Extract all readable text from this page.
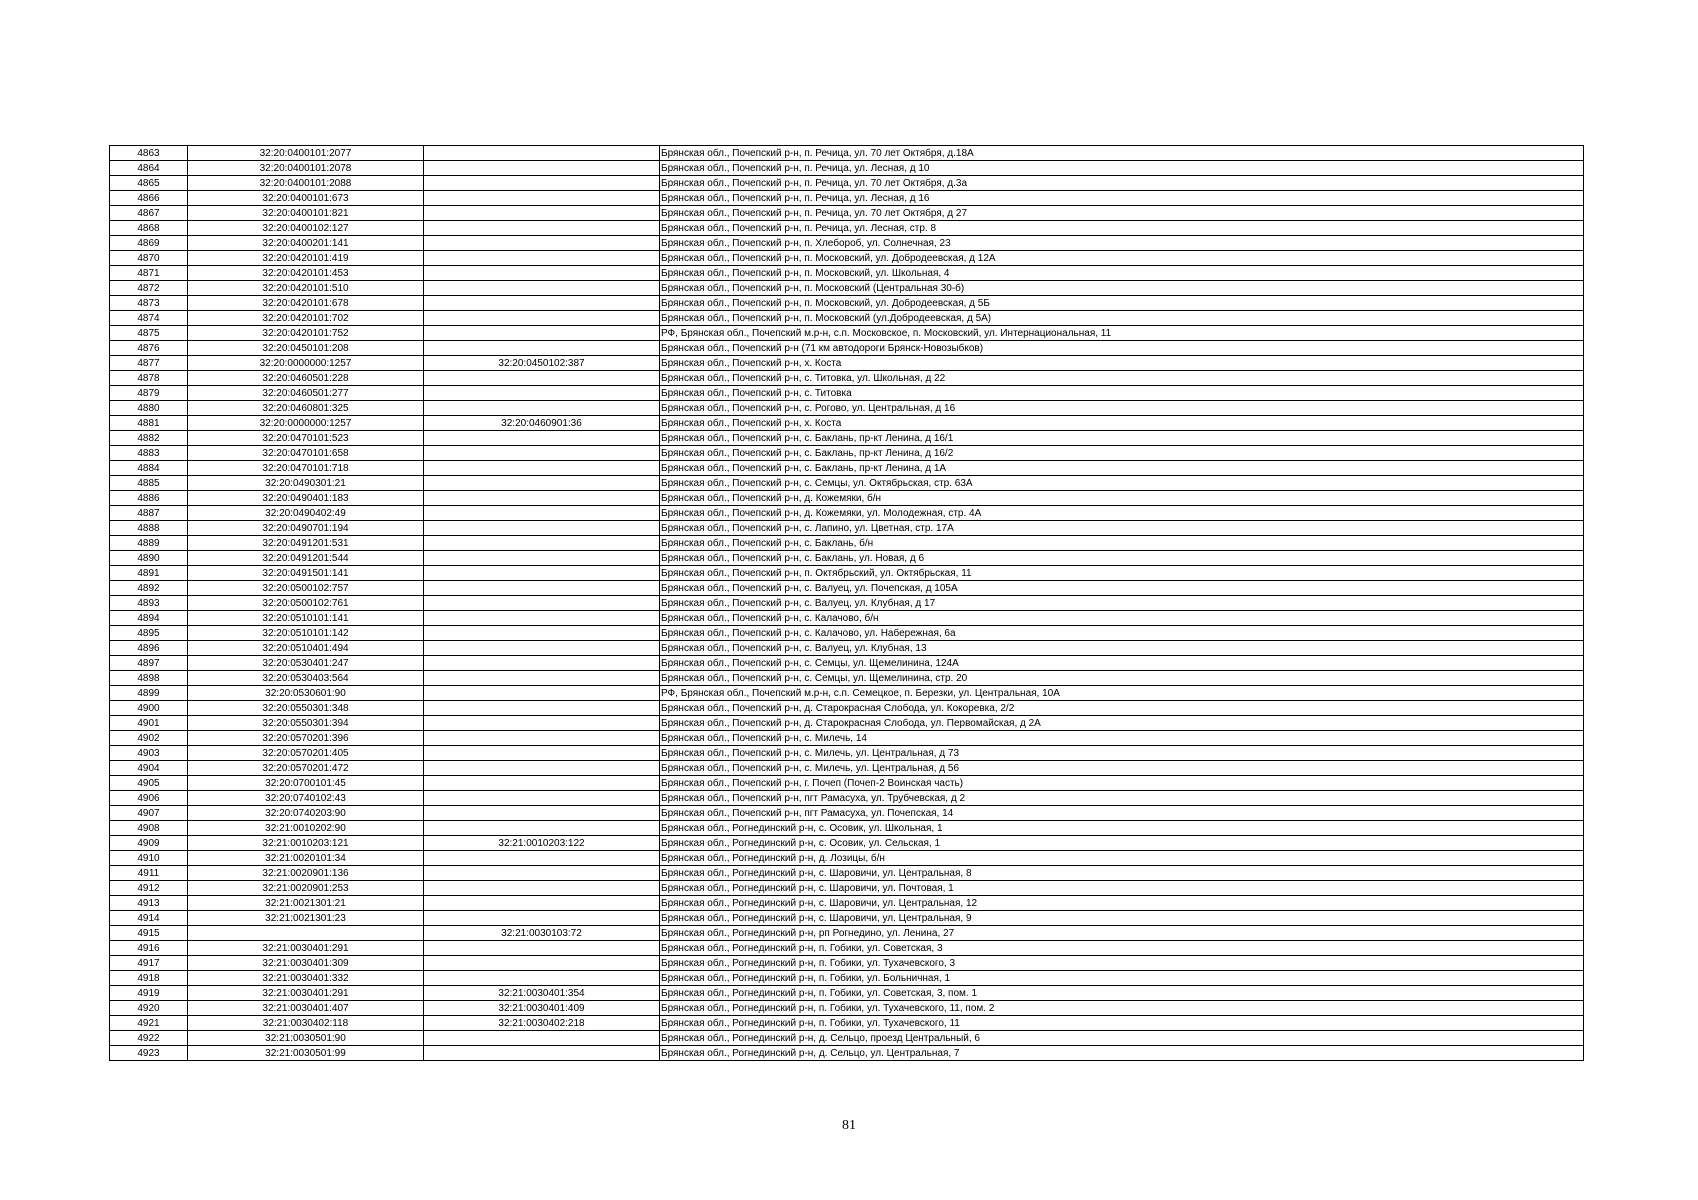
4863	32:20:0400101:2077		Брянская обл., Почепский р-н, п. Речица, ул. 70 лет Октября, д.18А
4864	32:20:0400101:2078		Брянская обл., Почепский р-н, п. Речица, ул. Лесная, д 10
4865	32:20:0400101:2088		Брянская обл., Почепский р-н, п. Речица, ул. 70 лет Октября, д.3а
4866	32:20:0400101:673		Брянская обл., Почепский р-н, п. Речица, ул. Лесная, д 16
4867	32:20:0400101:821		Брянская обл., Почепский р-н, п. Речица, ул. 70 лет Октября, д 27
4868	32:20:0400102:127		Брянская обл., Почепский р-н, п. Речица, ул. Лесная, стр. 8
4869	32:20:0400201:141		Брянская обл., Почепский р-н, п. Хлебороб, ул. Солнечная, 23
4870	32:20:0420101:419		Брянская обл., Почепский р-н, п. Московский, ул. Добродеевская, д 12А
4871	32:20:0420101:453		Брянская обл., Почепский р-н, п. Московский, ул. Школьная, 4
4872	32:20:0420101:510		Брянская обл., Почепский р-н, п. Московский (Центральная 30-б)
4873	32:20:0420101:678		Брянская обл., Почепский р-н, п. Московский, ул. Добродеевская, д 5Б
4874	32:20:0420101:702		Брянская обл., Почепский р-н, п. Московский (ул.Добродеевская, д 5А)
4875	32:20:0420101:752		РФ, Брянская обл., Почепский м.р-н, с.п. Московское, п. Московский, ул. Интернациональная, 11
4876	32:20:0450101:208		Брянская обл., Почепский р-н (71 км автодороги Брянск-Новозыбков)
4877	32:20:0000000:1257	32:20:0450102:387	Брянская обл., Почепский р-н, х. Коста
4878	32:20:0460501:228		Брянская обл., Почепский р-н, с. Титовка, ул. Школьная, д 22
4879	32:20:0460501:277		Брянская обл., Почепский р-н, с. Титовка
4880	32:20:0460801:325		Брянская обл., Почепский р-н, с. Рогово, ул. Центральная, д 16
4881	32:20:0000000:1257	32:20:0460901:36	Брянская обл., Почепский р-н, х. Коста
4882	32:20:0470101:523		Брянская обл., Почепский р-н, с. Баклань, пр-кт Ленина, д 16/1
4883	32:20:0470101:658		Брянская обл., Почепский р-н, с. Баклань, пр-кт Ленина, д 16/2
4884	32:20:0470101:718		Брянская обл., Почепский р-н, с. Баклань, пр-кт Ленина, д 1А
4885	32:20:0490301:21		Брянская обл., Почепский р-н, с. Семцы, ул. Октябрьская, стр. 63А
4886	32:20:0490401:183		Брянская обл., Почепский р-н, д. Кожемяки, б/н
4887	32:20:0490402:49		Брянская обл., Почепский р-н, д. Кожемяки, ул. Молодежная, стр. 4А
4888	32:20:0490701:194		Брянская обл., Почепский р-н, с. Лапино, ул. Цветная, стр. 17А
4889	32:20:0491201:531		Брянская обл., Почепский р-н, с. Баклань, б/н
4890	32:20:0491201:544		Брянская обл., Почепский р-н, с. Баклань, ул. Новая, д 6
4891	32:20:0491501:141		Брянская обл., Почепский р-н, п. Октябрьский, ул. Октябрьская, 11
4892	32:20:0500102:757		Брянская обл., Почепский р-н, с. Валуец, ул. Почепская, д 105А
4893	32:20:0500102:761		Брянская обл., Почепский р-н, с. Валуец, ул. Клубная, д 17
4894	32:20:0510101:141		Брянская обл., Почепский р-н, с. Калачово, б/н
4895	32:20:0510101:142		Брянская обл., Почепский р-н, с. Калачово, ул. Набережная, 6а
4896	32:20:0510401:494		Брянская обл., Почепский р-н, с. Валуец, ул. Клубная, 13
4897	32:20:0530401:247		Брянская обл., Почепский р-н, с. Семцы, ул. Щемелинина, 124А
4898	32:20:0530403:564		Брянская обл., Почепский р-н, с. Семцы, ул. Щемелинина, стр. 20
4899	32:20:0530601:90		РФ, Брянская обл., Почепский м.р-н, с.п. Семецкое, п. Березки, ул. Центральная, 10А
4900	32:20:0550301:348		Брянская обл., Почепский р-н, д. Старокрасная Слобода, ул. Кокоревка, 2/2
4901	32:20:0550301:394		Брянская обл., Почепский р-н, д. Старокрасная Слобода, ул. Первомайская, д 2А
4902	32:20:0570201:396		Брянская обл., Почепский р-н, с. Милечь, 14
4903	32:20:0570201:405		Брянская обл., Почепский р-н, с. Милечь, ул. Центральная, д 73
4904	32:20:0570201:472		Брянская обл., Почепский р-н, с. Милечь, ул. Центральная, д 56
4905	32:20:0700101:45		Брянская обл., Почепский р-н, г. Почеп (Почеп-2 Воинская часть)
4906	32:20:0740102:43		Брянская обл., Почепский р-н, пгт Рамасуха, ул. Трубчевская, д 2
4907	32:20:0740203:90		Брянская обл., Почепский р-н, пгт Рамасуха, ул. Почепская, 14
4908	32:21:0010202:90		Брянская обл., Рогнединский р-н, с. Осовик, ул. Школьная, 1
4909	32:21:0010203:121	32:21:0010203:122	Брянская обл., Рогнединский р-н, с. Осовик, ул. Сельская, 1
4910	32:21:0020101:34		Брянская обл., Рогнединский р-н, д. Лозицы, б/н
4911	32:21:0020901:136		Брянская обл., Рогнединский р-н, с. Шаровичи, ул. Центральная, 8
4912	32:21:0020901:253		Брянская обл., Рогнединский р-н, с. Шаровичи, ул. Почтовая, 1
4913	32:21:0021301:21		Брянская обл., Рогнединский р-н, с. Шаровичи, ул. Центральная, 12
4914	32:21:0021301:23		Брянская обл., Рогнединский р-н, с. Шаровичи, ул. Центральная, 9
4915		32:21:0030103:72	Брянская обл., Рогнединский р-н, рп Рогнедино, ул. Ленина, 27
4916	32:21:0030401:291		Брянская обл., Рогнединский р-н, п. Гобики, ул. Советская, 3
4917	32:21:0030401:309		Брянская обл., Рогнединский р-н, п. Гобики, ул. Тухачевского, 3
4918	32:21:0030401:332		Брянская обл., Рогнединский р-н, п. Гобики, ул. Больничная, 1
4919	32:21:0030401:291	32:21:0030401:354	Брянская обл., Рогнединский р-н, п. Гобики, ул. Советская, 3, пом. 1
4920	32:21:0030401:407	32:21:0030401:409	Брянская обл., Рогнединский р-н, п. Гобики, ул. Тухачевского, 11, пом. 2
4921	32:21:0030402:118	32:21:0030402:218	Брянская обл., Рогнединский р-н, п. Гобики, ул. Тухачевского, 11
4922	32:21:0030501:90		Брянская обл., Рогнединский р-н, д. Сельцо, проезд Центральный, 6
4923	32:21:0030501:99		Брянская обл., Рогнединский р-н, д. Сельцо, ул. Центральная, 7
81
